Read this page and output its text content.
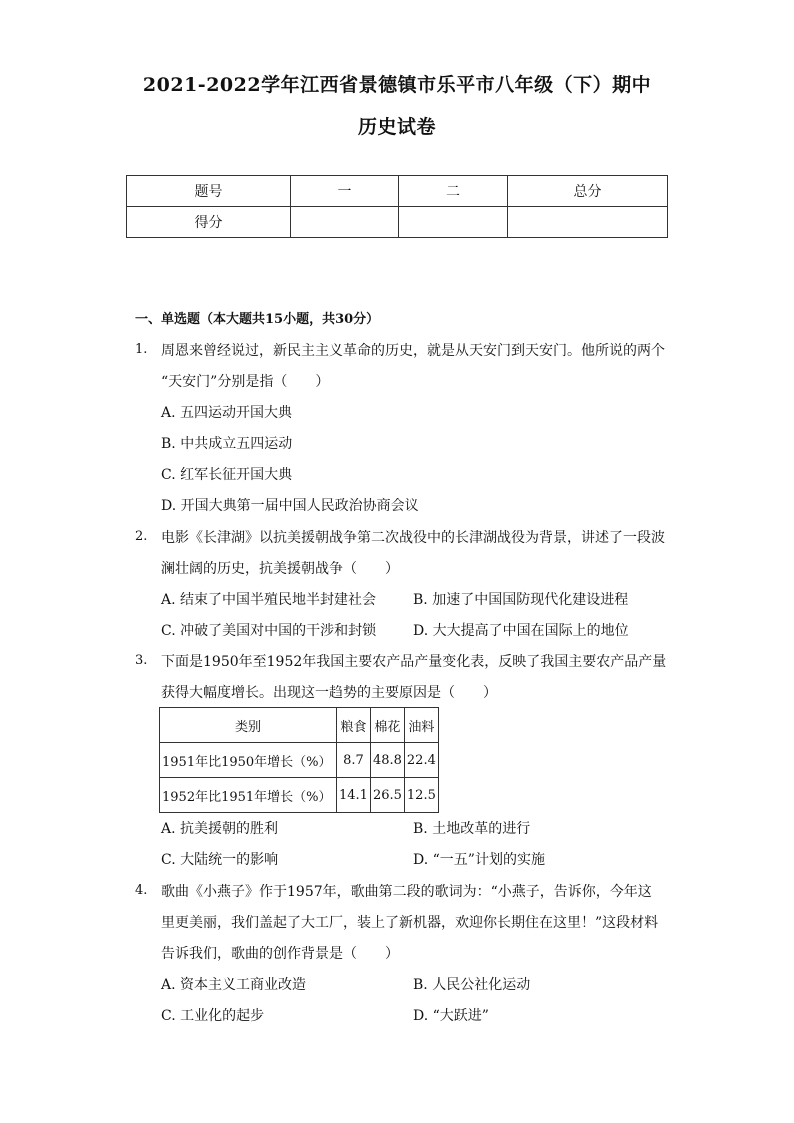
2021-2022学年江西省景德镇市乐平市八年级（下）期中
历史试卷
题号	一	二	总分
得分			
一、单选题（本大题共15小题，共30分）
1. 周恩来曾经说过，新民主主义革命的历史，就是从天安门到天安门。他所说的两个
“天安门”分别是指（　　）
A. 五四运动开国大典
B. 中共成立五四运动
C. 红军长征开国大典
D. 开国大典第一届中国人民政治协商会议
2. 电影《长津湖》以抗美援朝战争第二次战役中的长津湖战役为背景，讲述了一段波
澜壮阔的历史，抗美援朝战争（　　）
A. 结束了中国半殖民地半封建社会	B. 加速了中国国防现代化建设进程
C. 冲破了美国对中国的干涉和封锁	D. 大大提高了中国在国际上的地位
3. 下面是1950年至1952年我国主要农产品产量变化表，反映了我国主要农产品产量
获得大幅度增长。出现这一趋势的主要原因是（　　）
类别	粮食	棉花	油料
1951年比1950年增长（%）	8.7	48.8	22.4
1952年比1951年增长（%）	14.1	26.5	12.5
A. 抗美援朝的胜利	B. 土地改革的进行
C. 大陆统一的影响	D. “一五”计划的实施
4. 歌曲《小燕子》作于1957年，歌曲第二段的歌词为：“小燕子，告诉你，今年这
里更美丽，我们盖起了大工厂，装上了新机器，欢迎你长期住在这里！”这段材料
告诉我们，歌曲的创作背景是（　　）
A. 资本主义工商业改造	B. 人民公社化运动
C. 工业化的起步	D. “大跃进”
